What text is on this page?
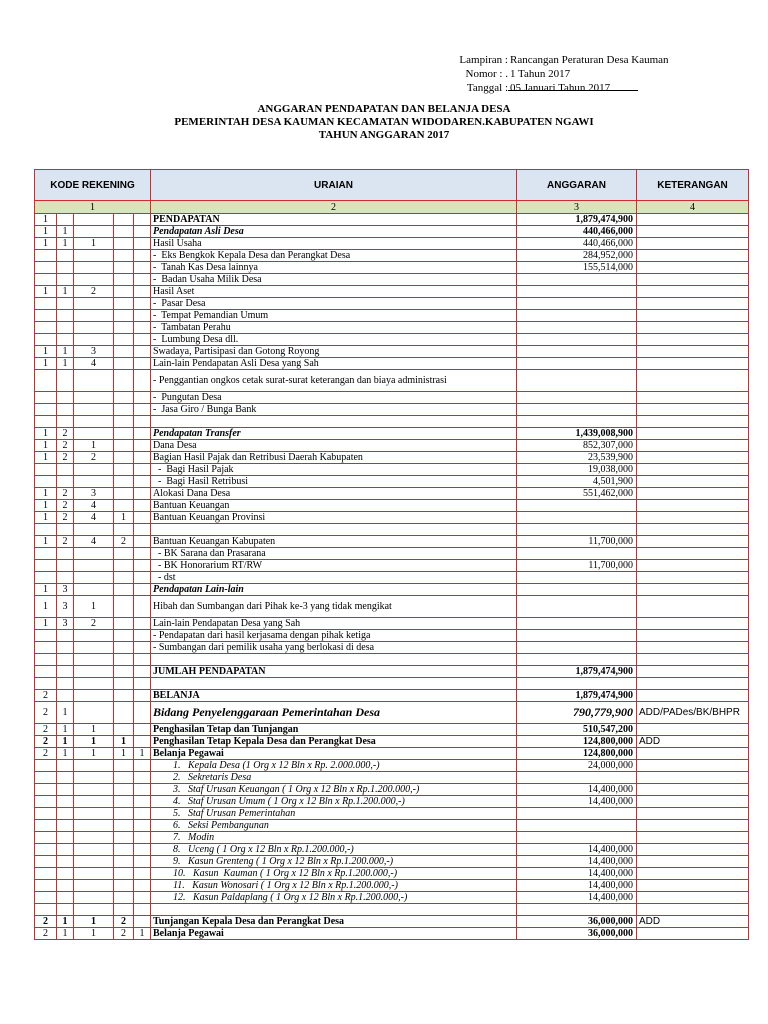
Lampiran : Rancangan Peraturan Desa Kauman
Nomor : . 1 Tahun 2017
Tanggal : 05 Januari Tahun 2017
ANGGARAN PENDAPATAN DAN BELANJA DESA
PEMERINTAH DESA KAUMAN KECAMATAN WIDODAREN.KABUPATEN NGAWI
TAHUN ANGGARAN 2017
KODE REKENING					URAIAN	ANGGARAN	KETERANGAN
1					2	3	4
1					PENDAPATAN	1,879,474,900	
1	1				Pendapatan Asli Desa	440,466,000	
1	1	1			Hasil Usaha	440,466,000	
					-  Eks Bengkok Kepala Desa dan Perangkat Desa	284,952,000	
					-  Tanah Kas Desa lainnya	155,514,000	
					-  Badan Usaha Milik Desa		
1	1	2			Hasil Aset		
					-  Pasar Desa		
					-  Tempat Pemandian Umum		
					-  Tambatan Perahu		
					-  Lumbung Desa dll.		
1	1	3			Swadaya, Partisipasi dan Gotong Royong		
1	1	4			Lain-lain Pendapatan Asli Desa yang Sah		
					- Penggantian ongkos cetak surat-surat keterangan dan biaya administrasi		
					-  Pungutan Desa		
					-  Jasa Giro / Bunga Bank		

1	2				Pendapatan Transfer	1,439,008,900	
1	2	1			Dana Desa	852,307,000	
1	2	2			Bagian Hasil Pajak dan Retribusi Daerah Kabupaten	23,539,900	
					-  Bagi Hasil Pajak	19,038,000	
					-  Bagi Hasil Retribusi	4,501,900	
1	2	3			Alokasi Dana Desa	551,462,000	
1	2	4			Bantuan Keuangan		
1	2	4	1		Bantuan Keuangan Provinsi		

1	2	4	2		Bantuan Keuangan Kabupaten	11,700,000	
					- BK Sarana dan Prasarana		
					- BK Honorarium RT/RW	11,700,000	
					- dst		
1	3				Pendapatan Lain-lain		
1	3	1			Hibah dan Sumbangan dari Pihak ke-3 yang tidak mengikat		
1	3	2			Lain-lain Pendapatan Desa yang Sah		
					- Pendapatan dari hasil kerjasama dengan pihak ketiga		
					- Sumbangan dari pemilik usaha yang berlokasi di desa		

					JUMLAH PENDAPATAN	1,879,474,900	

2					BELANJA	1,879,474,900	
2	1				Bidang Penyelenggaraan Pemerintahan Desa	790,779,900	ADD/PADes/BK/BHPR
2	1	1			Penghasilan Tetap dan Tunjangan	510,547,200	
2	1	1	1		Penghasilan Tetap Kepala Desa dan Perangkat Desa	124,800,000	ADD
2	1	1	1	1	Belanja Pegawai	124,800,000	
					1.   Kepala Desa (1 Org x 12 Bln x Rp. 2.000.000,-)	24,000,000	
					2.   Sekretaris Desa		
					3.   Staf Urusan Keuangan ( 1 Org x 12 Bln x Rp.1.200.000,-)	14,400,000	
					4.   Staf Urusan Umum ( 1 Org x 12 Bln x Rp.1.200.000,-)	14,400,000	
					5.   Staf Urusan Pemerintahan		
					6.   Seksi Pembangunan		
					7.   Modin		
					8.   Uceng ( 1 Org x 12 Bln x Rp.1.200.000,-)	14,400,000	
					9.   Kasun Grenteng ( 1 Org x 12 Bln x Rp.1.200.000,-)	14,400,000	
					10.   Kasun  Kauman ( 1 Org x 12 Bln x Rp.1.200.000,-)	14,400,000	
					11.   Kasun Wonosari ( 1 Org x 12 Bln x Rp.1.200.000,-)	14,400,000	
					12.   Kasun Paldaplang ( 1 Org x 12 Bln x Rp.1.200.000,-)	14,400,000	

2	1	1	2		Tunjangan Kepala Desa dan Perangkat Desa	36,000,000	ADD
2	1	1	2	1	Belanja Pegawai	36,000,000	
